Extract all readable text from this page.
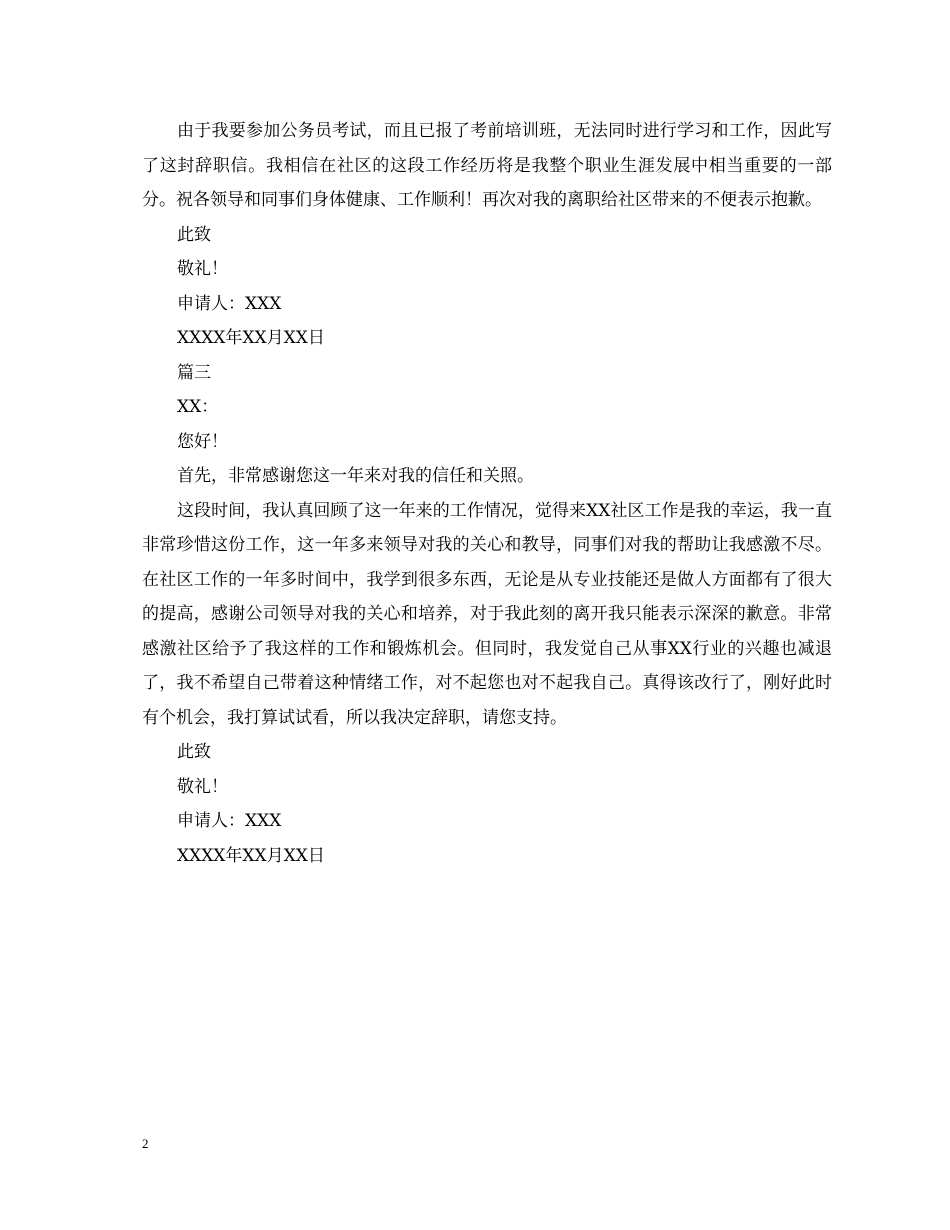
由于我要参加公务员考试，而且已报了考前培训班，无法同时进行学习和工作，因此写了这封辞职信。我相信在社区的这段工作经历将是我整个职业生涯发展中相当重要的一部分。祝各领导和同事们身体健康、工作顺利！再次对我的离职给社区带来的不便表示抱歉。

此致

敬礼！

申请人：XXX

XXXX年XX月XX日

篇三

XX：

您好！

首先，非常感谢您这一年来对我的信任和关照。

这段时间，我认真回顾了这一年来的工作情况，觉得来XX社区工作是我的幸运，我一直非常珍惜这份工作，这一年多来领导对我的关心和教导，同事们对我的帮助让我感激不尽。在社区工作的一年多时间中，我学到很多东西，无论是从专业技能还是做人方面都有了很大的提高，感谢公司领导对我的关心和培养，对于我此刻的离开我只能表示深深的歉意。非常感激社区给予了我这样的工作和锻炼机会。但同时，我发觉自己从事XX行业的兴趣也减退了，我不希望自己带着这种情绪工作，对不起您也对不起我自己。真得该改行了，刚好此时有个机会，我打算试试看，所以我决定辞职，请您支持。

此致

敬礼！

申请人：XXX

XXXX年XX月XX日

2
